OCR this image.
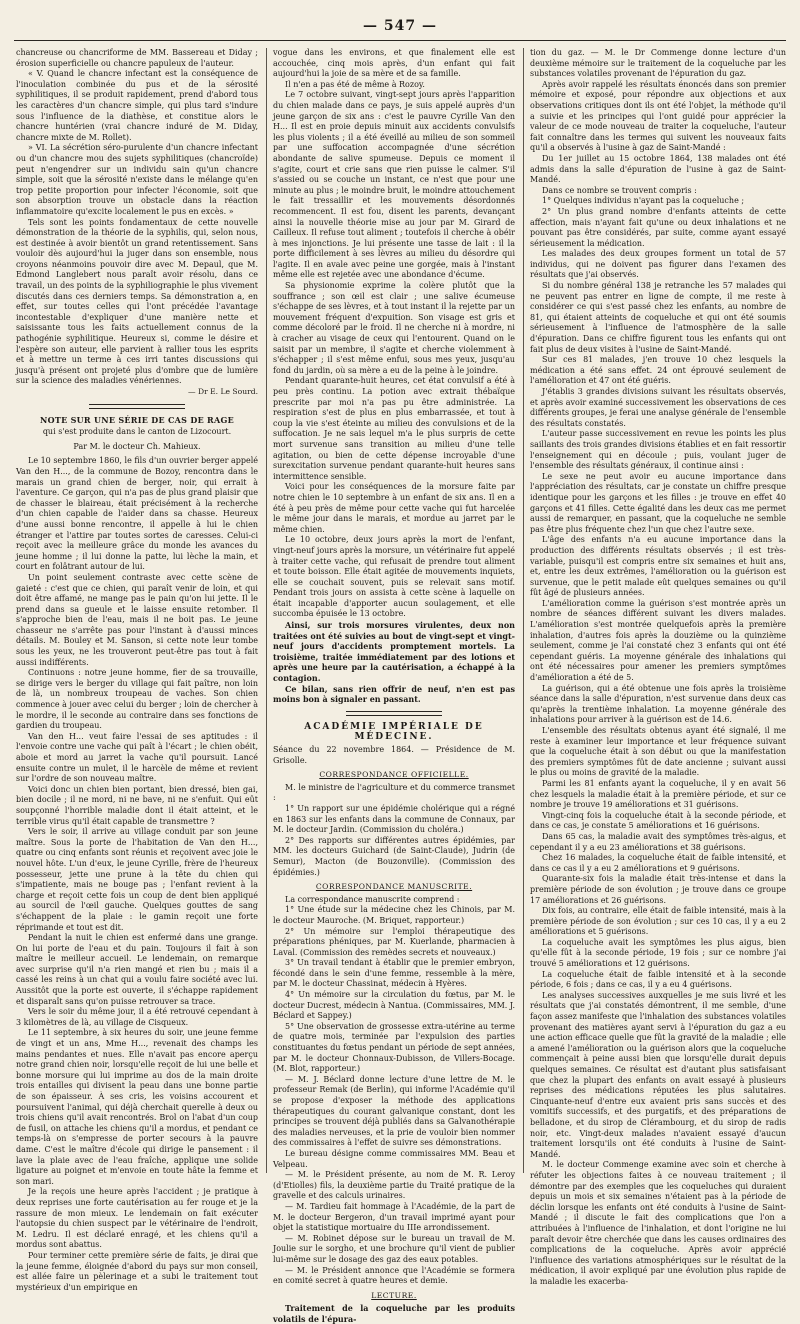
— 547 —

chancreuse ou chancriforme de MM. Bassereau et Diday ; érosion superficielle ou chancre papuleux de l'auteur.

« V. Quand le chancre infectant est la conséquence de l'inoculation combinée du pus et de la sérosité syphilitiques, il se produit rapidement, prend d'abord tous les caractères d'un chancre simple, qui plus tard s'indure sous l'influence de la diathèse, et constitue alors le chancre huntérien (vrai chancre induré de M. Diday, chancre mixte de M. Rollet).

» VI. La sécrétion séro-purulente d'un chancre infectant ou d'un chancre mou des sujets syphilitiques (chancroïde) peut n'engendrer sur un individu sain qu'un chancre simple, soit que la sérosité n'existe dans le mélange qu'en trop petite proportion pour infecter l'économie, soit que son absorption trouve un obstacle dans la réaction inflammatoire qu'excite localement le pus en excès. »

Tels sont les points fondamentaux de cette nouvelle démonstration de la théorie de la syphilis, qui, selon nous, est destinée à avoir bientôt un grand retentissement. Sans vouloir dès aujourd'hui la juger dans son ensemble, nous croyons néanmoins pouvoir dire avec M. Depaul, que M. Edmond Langlebert nous paraît avoir résolu, dans ce travail, un des points de la syphiliographie le plus vivement discutés dans ces derniers temps. Sa démonstration a, en effet, sur toutes celles qui l'ont précédée l'avantage incontestable d'expliquer d'une manière nette et saisissante tous les faits actuellement connus de la pathogénie syphilitique. Heureux si, comme le désire et l'espère son auteur, elle parvient à rallier tous les esprits et à mettre un terme à ces irri tantes discussions qui jusqu'à présent ont projeté plus d'ombre que de lumière sur la science des maladies vénériennes.

— Dr E. Le Sourd.
NOTE SUR UNE SÉRIE DE CAS DE RAGE
qui s'est produite dans le canton de Lizocourt.
Par M. le docteur Ch. Mahieux.

Le 10 septembre 1860, le fils d'un ouvrier berger appelé Van den H..., de la commune de Bozoy, rencontra dans le marais un grand chien de berger, noir, qui errait à l'aventure. Ce garçon, qui n'a pas de plus grand plaisir que de chasser le blaireau, était précisément à la recherche d'un chien capable de l'aider dans sa chasse. Heureux d'une aussi bonne rencontre, il appelle à lui le chien étranger et l'attire par toutes sortes de caresses. Celui-ci reçoit avec la meilleure grâce du monde les avances du jeune homme ; il lui donne la patte, lui lèche la main, et court en folâtrant autour de lui.

Un point seulement contraste avec cette scène de gaieté : c'est que ce chien, qui paraît venir de loin, et qui doit être affamé, ne mange pas le pain qu'on lui jette. Il le prend dans sa gueule et le laisse ensuite retomber. Il s'approche bien de l'eau, mais il ne boit pas. Le jeune chasseur ne s'arrête pas pour l'instant à d'aussi minces détails. M. Bouley et M. Sanson, si cette note leur tombe sous les yeux, ne les trouveront peut-être pas tout à fait aussi indifférents.

Continuons : notre jeune homme, fier de sa trouvaille, se dirige vers le berger du village qui fait paître, non loin de là, un nombreux troupeau de vaches. Son chien commence à jouer avec celui du berger ; loin de chercher à le mordre, il le seconde au contraire dans ses fonctions de gardien du troupeau.

Van den H... veut faire l'essai de ses aptitudes : il l'envoie contre une vache qui paît à l'écart ; le chien obéit, aboie et mord au jarret la vache qu'il poursuit. Lancé ensuite contre un mulet, il le harcèle de même et revient sur l'ordre de son nouveau maître.

Voici donc un chien bien portant, bien dressé, bien gai, bien docile ; il ne mord, ni ne bave, ni ne s'enfuit. Qui eût soupçonné l'horrible maladie dont il était atteint, et le terrible virus qu'il était capable de transmettre ?

Vers le soir, il arrive au village conduit par son jeune maître. Sous la porte de l'habitation de Van den H..., quatre ou cinq enfants sont réunis et reçoivent avec joie le nouvel hôte. L'un d'eux, le jeune Cyrille, frère de l'heureux possesseur, jette une prune à la tête du chien qui s'impatiente, mais ne bouge pas ; l'enfant revient à la charge et reçoit cette fois un coup de dent bien appliqué au sourcil de l'œil gauche. Quelques gouttes de sang s'échappent de la plaie : le gamin reçoit une forte réprimande et tout est dit.

Pendant la nuit le chien est enfermé dans une grange. On lui porte de l'eau et du pain. Toujours il fait à son maître le meilleur accueil. Le lendemain, on remarque avec surprise qu'il n'a rien mangé et rien bu ; mais il a cassé les reins à un chat qui a voulu faire société avec lui. Aussitôt que la porte est ouverte, il s'échappe rapidement et disparaît sans qu'on puisse retrouver sa trace.

Vers le soir du même jour, il a été retrouvé cependant à 3 kilomètres de là, au village de Cisqueux.

Le 11 septembre, à six heures du soir, une jeune femme de vingt et un ans, Mme H..., revenait des champs les mains pendantes et nues. Elle n'avait pas encore aperçu notre grand chien noir, lorsqu'elle reçoit de lui une belle et bonne morsure qui lui imprime au dos de la main droite trois entailles qui divisent la peau dans une bonne partie de son épaisseur. À ses cris, les voisins accourent et poursuivent l'animal, qui déjà cherchait querelle à deux ou trois chiens qu'il avait rencontrés. Brol on l'abat d'un coup de fusil, on attache les chiens qu'il a mordus, et pendant ce temps-là on s'empresse de porter secours à la pauvre dame. C'est le maître d'école qui dirige le pansement : il lave la plaie avec de l'eau fraîche, applique une solide ligature au poignet et m'envoie en toute hâte la femme et son mari.

Je la reçois une heure après l'accident ; je pratique à deux reprises une forte cautérisation au fer rouge et je la rassure de mon mieux. Le lendemain on fait exécuter l'autopsie du chien suspect par le vétérinaire de l'endroit, M. Ledru. Il est déclaré enragé, et les chiens qu'il a mordus sont abattus.

Pour terminer cette première série de faits, je dirai que la jeune femme, éloignée d'abord du pays sur mon conseil, est allée faire un pèlerinage et a subi le traitement tout mystérieux d'un empirique en

vogue dans les environs, et que finalement elle est accouchée, cinq mois après, d'un enfant qui fait aujourd'hui la joie de sa mère et de sa famille.

Il n'en a pas été de même à Rozoy.

Le 7 octobre suivant, vingt-sept jours après l'apparition du chien malade dans ce pays, je suis appelé auprès d'un jeune garçon de six ans : c'est le pauvre Cyrille Van den H... Il est en proie depuis minuit aux accidents convulsifs les plus violents ; il a été éveillé au milieu de son sommeil par une suffocation accompagnée d'une sécrétion abondante de salive spumeuse. Depuis ce moment il s'agite, court et crie sans que rien puisse le calmer. S'il s'assied ou se couche un instant, ce n'est que pour une minute au plus ; le moindre bruit, le moindre attouchement le fait tressaillir et les mouvements désordonnés recommencent. Il est fou, disent les parents, devançant ainsi la nouvelle théorie mise au jour par M. Girard de Cailleux. Il refuse tout aliment ; toutefois il cherche à obéir à mes injonctions. Je lui présente une tasse de lait : il la porte difficilement à ses lèvres au milieu du désordre qui l'agite. Il en avale avec peine une gorgée, mais à l'instant même elle est rejetée avec une abondance d'écume.

Sa physionomie exprime la colère plutôt que la souffrance ; son œil est clair ; une salive écumeuse s'échappe de ses lèvres, et à tout instant il la rejette par un mouvement fréquent d'expuition. Son visage est gris et comme décoloré par le froid. Il ne cherche ni à mordre, ni à cracher au visage de ceux qui l'entourent. Quand on le saisit par un membre, il s'agite et cherche violemment à s'échapper ; il s'est même enfui, sous mes yeux, jusqu'au fond du jardin, où sa mère a eu de la peine à le joindre.

Pendant quarante-huit heures, cet état convulsif a été à peu près continu. La potion avec extrait thébaïque prescrite par moi n'a pas pu être administrée. La respiration s'est de plus en plus embarrassée, et tout à coup la vie s'est éteinte au milieu des convulsions et de la suffocation. Je ne sais lequel m'a le plus surpris de cette mort survenue sans transition au milieu d'une telle agitation, ou bien de cette dépense incroyable d'une surexcitation survenue pendant quarante-huit heures sans intermittence sensible.

Voici pour les conséquences de la morsure faite par notre chien le 10 septembre à un enfant de six ans. Il en a été à peu près de même pour cette vache qui fut harcelée le même jour dans le marais, et mordue au jarret par le même chien.

Le 10 octobre, deux jours après la mort de l'enfant, vingt-neuf jours après la morsure, un vétérinaire fut appelé à traiter cette vache, qui refusait de prendre tout aliment et toute boisson. Elle était agitée de mouvements inquiets, elle se couchait souvent, puis se relevait sans motif. Pendant trois jours on assista à cette scène à laquelle on était incapable d'apporter aucun soulagement, et elle succomba épuisée le 13 octobre.

Ainsi, sur trois morsures virulentes, deux non traitées ont été suivies au bout de vingt-sept et vingt-neuf jours d'accidents promptement mortels. La troisième, traitée immédiatement par des lotions et après une heure par la cautérisation, a échappé à la contagion.

Ce bilan, sans rien offrir de neuf, n'en est pas moins bon à signaler en passant.

ACADÉMIE IMPÉRIALE DE MÉDECINE.

Séance du 22 novembre 1864. — Présidence de M. Grisolle.

CORRESPONDANCE OFFICIELLE.

M. le ministre de l'agriculture et du commerce transmet :

1° Un rapport sur une épidémie cholérique qui a régné en 1863 sur les enfants dans la commune de Connaux, par M. le docteur Jardin. (Commission du choléra.)

2° Des rapports sur différentes autres épidémies, par MM. les docteurs Guichard (de Saint-Claude), Judrin (de Semur), Macton (de Bouzonville). (Commission des épidémies.)

CORRESPONDANCE MANUSCRITE.

La correspondance manuscrite comprend :

1° Une étude sur la médecine chez les Chinois, par M. le docteur Mauroche. (M. Briquet, rapporteur.)

2° Un mémoire sur l'emploi thérapeutique des préparations phéniques, par M. Kuerlande, pharmacien à Laval. (Commission des remèdes secrets et nouveaux.)

3° Un travail tendant à établir que le premier embryon, fécondé dans le sein d'une femme, ressemble à la mère, par M. le docteur Chassinat, médecin à Hyères.

4° Un mémoire sur la circulation du fœtus, par M. le docteur Ducrest, médecin à Nantua. (Commissaires, MM. J. Béclard et Sappey.)

5° Une observation de grossesse extra-utérine au terme de quatre mois, terminée par l'expulsion des parties constituantes du fœtus pendant un période de sept années, par M. le docteur Chonnaux-Dubisson, de Villers-Bocage. (M. Blot, rapporteur.)

— M. J. Béclard donne lecture d'une lettre de M. le professeur Remak (de Berlin), qui informe l'Académie qu'il se propose d'exposer la méthode des applications thérapeutiques du courant galvanique constant, dont les principes se trouvent déjà publiés dans sa Galvanothérapie des maladies nerveuses, et la prie de vouloir bien nommer des commissaires à l'effet de suivre ses démonstrations.

Le bureau désigne comme commissaires MM. Beau et Velpeau.

— M. le Président présente, au nom de M. R. Leroy (d'Etiolles) fils, la deuxième partie du Traité pratique de la gravelle et des calculs urinaires.

— M. Tardieu fait hommage à l'Académie, de la part de M. le docteur Bergeron, d'un travail imprimé ayant pour objet la statistique mortuaire du IIIe arrondissement.

— M. Robinet dépose sur le bureau un travail de M. Joulie sur le sorgho, et une brochure qu'il vient de publier lui-même sur le dosage des gaz des eaux potables.

— M. le Président annonce que l'Académie se formera en comité secret à quatre heures et demie.

LECTURE.

Traitement de la coqueluche par les produits volatils de l'épura-

tion du gaz. — M. le Dr Commenge donne lecture d'un deuxième mémoire sur le traitement de la coqueluche par les substances volatiles provenant de l'épuration du gaz.

Après avoir rappelé les résultats énoncés dans son premier mémoire et exposé, pour répondre aux objections et aux observations critiques dont ils ont été l'objet, la méthode qu'il a suivie et les principes qui l'ont guidé pour apprécier la valeur de ce mode nouveau de traiter la coqueluche, l'auteur fait connaître dans les termes qui suivent les nouveaux faits qu'il a observés à l'usine à gaz de Saint-Mandé :

Du 1er juillet au 15 octobre 1864, 138 malades ont été admis dans la salle d'épuration de l'usine à gaz de Saint-Mandé.

Dans ce nombre se trouvent compris :

1° Quelques individus n'ayant pas la coqueluche ;

2° Un plus grand nombre d'enfants atteints de cette affection, mais n'ayant fait qu'une ou deux inhalations et ne pouvant pas être considérés, par suite, comme ayant essayé sérieusement la médication.

Les malades des deux groupes forment un total de 57 individus, qui ne doivent pas figurer dans l'examen des résultats que j'ai observés.

Si du nombre général 138 je retranche les 57 malades qui ne peuvent pas entrer en ligne de compte, il me reste à considérer ce qui s'est passé chez les enfants, au nombre de 81, qui étaient atteints de coqueluche et qui ont été soumis sérieusement à l'influence de l'atmosphère de la salle d'épuration. Dans ce chiffre figurent tous les enfants qui ont fait plus de deux visites à l'usine de Saint-Mandé.

Sur ces 81 malades, j'en trouve 10 chez lesquels la médication a été sans effet. 24 ont éprouvé seulement de l'amélioration et 47 ont été guéris.

J'établis 3 grandes divisions suivant les résultats observés, et après avoir examiné successivement les observations de ces différents groupes, je ferai une analyse générale de l'ensemble des résultats constatés.

L'auteur passe successivement en revue les points les plus saillants des trois grandes divisions établies et en fait ressortir l'enseignement qui en découle ; puis, voulant juger de l'ensemble des résultats généraux, il continue ainsi :

Le sexe ne peut avoir eu aucune importance dans l'appréciation des résultats, car je constate un chiffre presque identique pour les garçons et les filles : je trouve en effet 40 garçons et 41 filles. Cette égalité dans les deux cas me permet aussi de remarquer, en passant, que la coqueluche ne semble pas être plus fréquente chez l'un que chez l'autre sexe.

L'âge des enfants n'a eu aucune importance dans la production des différents résultats observés ; il est très-variable, puisqu'il est compris entre six semaines et huit ans, et, entre les deux extrêmes, l'amélioration ou la guérison est survenue, que le petit malade eût quelques semaines ou qu'il fût âgé de plusieurs années.

L'amélioration comme la guérison s'est montrée après un nombre de séances différent suivant les divers malades. L'amélioration s'est montrée quelquefois après la première inhalation, d'autres fois après la douzième ou la quinzième seulement, comme je l'ai constaté chez 3 enfants qui ont été cependant guéris. La moyenne générale des inhalations qui ont été nécessaires pour amener les premiers symptômes d'amélioration a été de 5.

La guérison, qui a été obtenue une fois après la troisième séance dans la salle d'épuration, n'est survenue dans deux cas qu'après la trentième inhalation. La moyenne générale des inhalations pour arriver à la guérison est de 14.6.

L'ensemble des résultats obtenus ayant été signalé, il me reste à examiner leur importance et leur fréquence suivant que la coqueluche était à son début ou que la manifestation des premiers symptômes fût de date ancienne ; suivant aussi le plus ou moins de gravité de la maladie.

Parmi les 81 enfants ayant la coqueluche, il y en avait 56 chez lesquels la maladie était à la première période, et sur ce nombre je trouve 19 améliorations et 31 guérisons.

Vingt-cinq fois la coqueluche était à la seconde période, et dans ce cas, je constate 5 améliorations et 16 guérisons.

Dans 65 cas, la maladie avait des symptômes très-aigus, et cependant il y a eu 23 améliorations et 38 guérisons.

Chez 16 malades, la coqueluche était de faible intensité, et dans ce cas il y a eu 2 améliorations et 9 guérisons.

Quarante-six fois la maladie était très-intense et dans la première période de son évolution ; je trouve dans ce groupe 17 améliorations et 26 guérisons.

Dix fois, au contraire, elle était de faible intensité, mais à la première période de son évolution ; sur ces 10 cas, il y a eu 2 améliorations et 5 guérisons.

La coqueluche avait les symptômes les plus aigus, bien qu'elle fût à la seconde période, 19 fois ; sur ce nombre j'ai trouvé 5 améliorations et 12 guérisons.

La coqueluche était de faible intensité et à la seconde période, 6 fois ; dans ce cas, il y a eu 4 guérisons.

Les analyses successives auxquelles je me suis livré et les résultats que j'ai constatés démontrent, il me semble, d'une façon assez manifeste que l'inhalation des substances volatiles provenant des matières ayant servi à l'épuration du gaz a eu une action efficace quelle que fût la gravité de la maladie ; elle a amené l'amélioration ou la guérison alors que la coqueluche commençait à peine aussi bien que lorsqu'elle durait depuis quelques semaines. Ce résultat est d'autant plus satisfaisant que chez la plupart des enfants on avait essayé à plusieurs reprises des médications réputées les plus salutaires. Cinquante-neuf d'entre eux avaient pris sans succès et des vomitifs successifs, et des purgatifs, et des préparations de belladone, et du sirop de Clérambourg, et du sirop de radis noir, etc. Vingt-deux malades n'avaient essayé d'aucun traitement lorsqu'ils ont été conduits à l'usine de Saint-Mandé.

M. le docteur Commenge examine avec soin et cherche à réfuter les objections faites à ce nouveau traitement ; il démontre par des exemples que les coqueluches qui duraient depuis un mois et six semaines n'étaient pas à la période de déclin lorsque les enfants ont été conduits à l'usine de Saint-Mandé ; il discute le fait des complications que l'on a attribuées à l'influence de l'inhalation, et dont l'origine ne lui paraît devoir être cherchée que dans les causes ordinaires des complications de la coqueluche. Après avoir apprécié l'influence des variations atmosphériques sur le résultat de la médication, il avoir expliqué par une évolution plus rapide de la maladie les exacerba-
